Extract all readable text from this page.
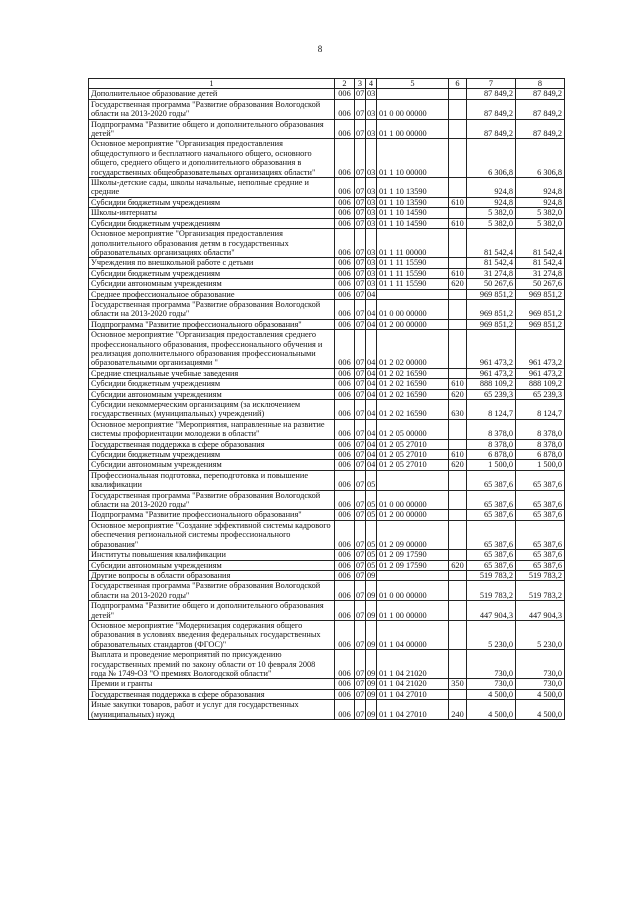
8
1	2	3	4	5	6	7	8
Дополнительное образование детей	006	07	03			87 849,2	87 849,2
Государственная программа "Развитие образования Вологодской области на 2013-2020 годы"	006	07	03	01 0 00 00000		87 849,2	87 849,2
Подпрограмма "Развитие общего и дополнительного образования детей"	006	07	03	01 1 00 00000		87 849,2	87 849,2
Основное мероприятие "Организация предоставления общедоступного и бесплатного начального общего, основного общего, среднего общего и дополнительного образования в государственных общеобразовательных организациях области"	006	07	03	01 1 10 00000		6 306,8	6 306,8
Школы-детские сады, школы начальные, неполные средние и средние	006	07	03	01 1 10 13590		924,8	924,8
Субсидии бюджетным учреждениям	006	07	03	01 1 10 13590	610	924,8	924,8
Школы-интернаты	006	07	03	01 1 10 14590		5 382,0	5 382,0
Субсидии бюджетным учреждениям	006	07	03	01 1 10 14590	610	5 382,0	5 382,0
Основное мероприятие "Организация предоставления дополнительного образования детям в государственных образовательных организациях области"	006	07	03	01 1 11 00000		81 542,4	81 542,4
Учреждения по внешкольной работе с детьми	006	07	03	01 1 11 15590		81 542,4	81 542,4
Субсидии бюджетным учреждениям	006	07	03	01 1 11 15590	610	31 274,8	31 274,8
Субсидии автономным учреждениям	006	07	03	01 1 11 15590	620	50 267,6	50 267,6
Среднее профессиональное образование	006	07	04			969 851,2	969 851,2
Государственная программа "Развитие образования Вологодской области на 2013-2020 годы"	006	07	04	01 0 00 00000		969 851,2	969 851,2
Подпрограмма "Развитие профессионального образования"	006	07	04	01 2 00 00000		969 851,2	969 851,2
Основное мероприятие "Организация предоставления среднего профессионального образования, профессионального обучения и реализация дополнительного образования профессиональными образовательными организациями "	006	07	04	01 2 02 00000		961 473,2	961 473,2
Средние специальные учебные заведения	006	07	04	01 2 02 16590		961 473,2	961 473,2
Субсидии бюджетным учреждениям	006	07	04	01 2 02 16590	610	888 109,2	888 109,2
Субсидии автономным учреждениям	006	07	04	01 2 02 16590	620	65 239,3	65 239,3
Субсидии некоммерческим организациям (за исключением государственных (муниципальных) учреждений)	006	07	04	01 2 02 16590	630	8 124,7	8 124,7
Основное мероприятие "Мероприятия, направленные на развитие системы профориентации молодежи в области"	006	07	04	01 2 05 00000		8 378,0	8 378,0
Государственная поддержка в сфере образования	006	07	04	01 2 05 27010		8 378,0	8 378,0
Субсидии бюджетным учреждениям	006	07	04	01 2 05 27010	610	6 878,0	6 878,0
Субсидии автономным учреждениям	006	07	04	01 2 05 27010	620	1 500,0	1 500,0
Профессиональная подготовка, переподготовка и повышение квалификации	006	07	05			65 387,6	65 387,6
Государственная программа "Развитие образования Вологодской области на 2013-2020 годы"	006	07	05	01 0 00 00000		65 387,6	65 387,6
Подпрограмма "Развитие профессионального образования"	006	07	05	01 2 00 00000		65 387,6	65 387,6
Основное мероприятие "Создание эффективной системы кадрового обеспечения региональной системы профессионального образования"	006	07	05	01 2 09 00000		65 387,6	65 387,6
Институты повышения квалификации	006	07	05	01 2 09 17590		65 387,6	65 387,6
Субсидии автономным учреждениям	006	07	05	01 2 09 17590	620	65 387,6	65 387,6
Другие вопросы в области образования	006	07	09			519 783,2	519 783,2
Государственная программа "Развитие образования Вологодской области на 2013-2020 годы"	006	07	09	01 0 00 00000		519 783,2	519 783,2
Подпрограмма "Развитие общего и дополнительного образования детей"	006	07	09	01 1 00 00000		447 904,3	447 904,3
Основное мероприятие "Модернизация содержания общего образования в условиях введения федеральных государственных образовательных стандартов (ФГОС)"	006	07	09	01 1 04 00000		5 230,0	5 230,0
Выплата и проведение мероприятий по присуждению государственных премий по закону области от 10 февраля 2008 года № 1749-ОЗ "О премиях Вологодской области"	006	07	09	01 1 04 21020		730,0	730,0
Премии и гранты	006	07	09	01 1 04 21020	350	730,0	730,0
Государственная поддержка в сфере образования	006	07	09	01 1 04 27010		4 500,0	4 500,0
Иные закупки товаров, работ и услуг для государственных (муниципальных) нужд	006	07	09	01 1 04 27010	240	4 500,0	4 500,0
